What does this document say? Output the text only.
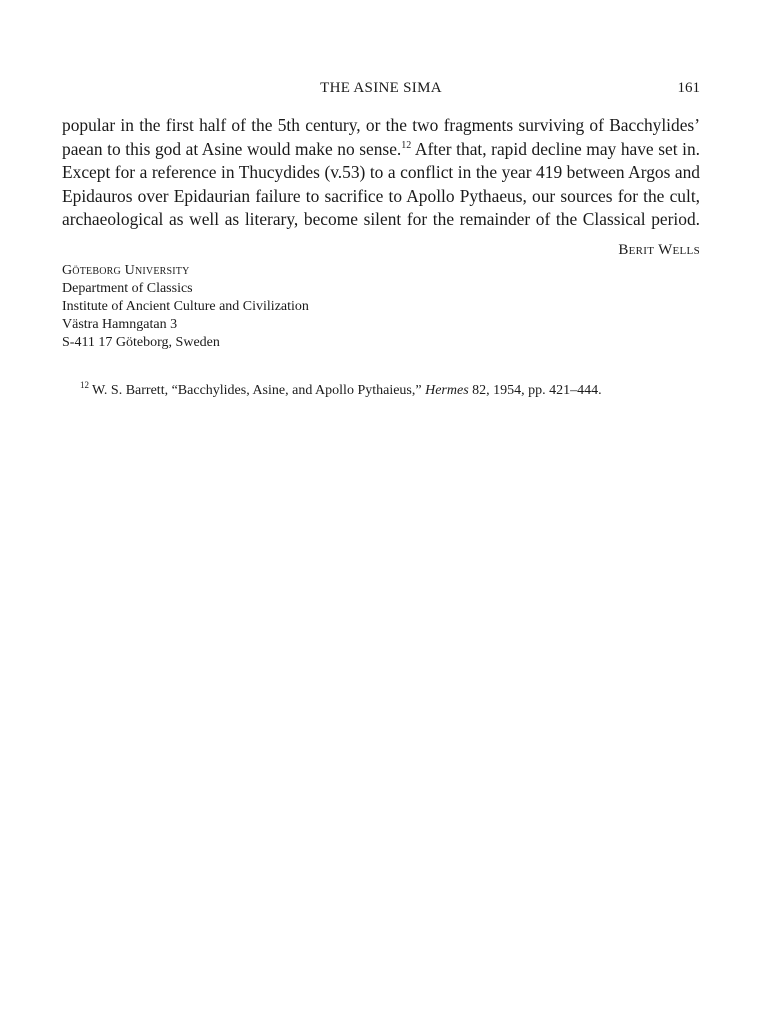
THE ASINE SIMA	161

popular in the first half of the 5th century, or the two fragments surviving of Bacchylides’
paean to this god at Asine would make no sense.$^{12}$ After that, rapid decline may have set in.
Except for a reference in Thucydides (v.53) to a conflict in the year 419 between Argos and
Epidauros over Epidaurian failure to sacrifice to Apollo Pythaeus, our sources for the cult,
archaeological as well as literary, become silent for the remainder of the Classical period.

Berit Wells
Göteborg University
Department of Classics
Institute of Ancient Culture and Civilization
Västra Hamngatan 3
S-411 17 Göteborg, Sweden
$^{12}$ W. S. Barrett, “Bacchylides, Asine, and Apollo Pythaieus,” Hermes 82, 1954, pp. 421–444.
